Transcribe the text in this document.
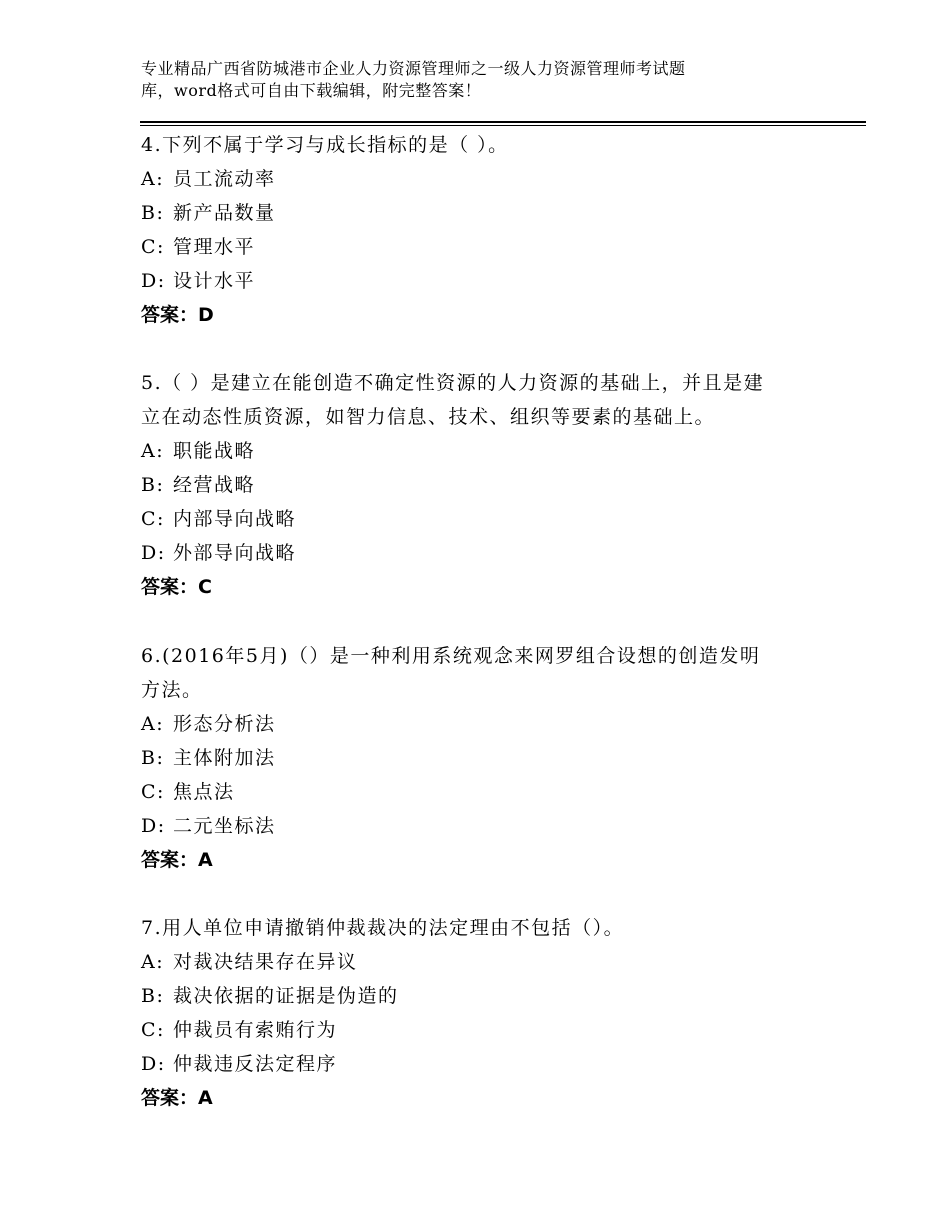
专业精品广西省防城港市企业人力资源管理师之一级人力资源管理师考试题
库，word格式可自由下载编辑，附完整答案！

4.下列不属于学习与成长指标的是（ ）。

A: 员工流动率

B: 新产品数量

C: 管理水平

D: 设计水平

答案：D

5.（ ）是建立在能创造不确定性资源的人力资源的基础上，并且是建

立在动态性质资源，如智力信息、技术、组织等要素的基础上。

A: 职能战略

B: 经营战略

C: 内部导向战略

D: 外部导向战略

答案：C

6.(2016年5月)（）是一种利用系统观念来网罗组合设想的创造发明

方法。

A: 形态分析法

B: 主体附加法

C: 焦点法

D: 二元坐标法

答案：A

7.用人单位申请撤销仲裁裁决的法定理由不包括（）。

A: 对裁决结果存在异议

B: 裁决依据的证据是伪造的

C: 仲裁员有索贿行为

D: 仲裁违反法定程序

答案：A
